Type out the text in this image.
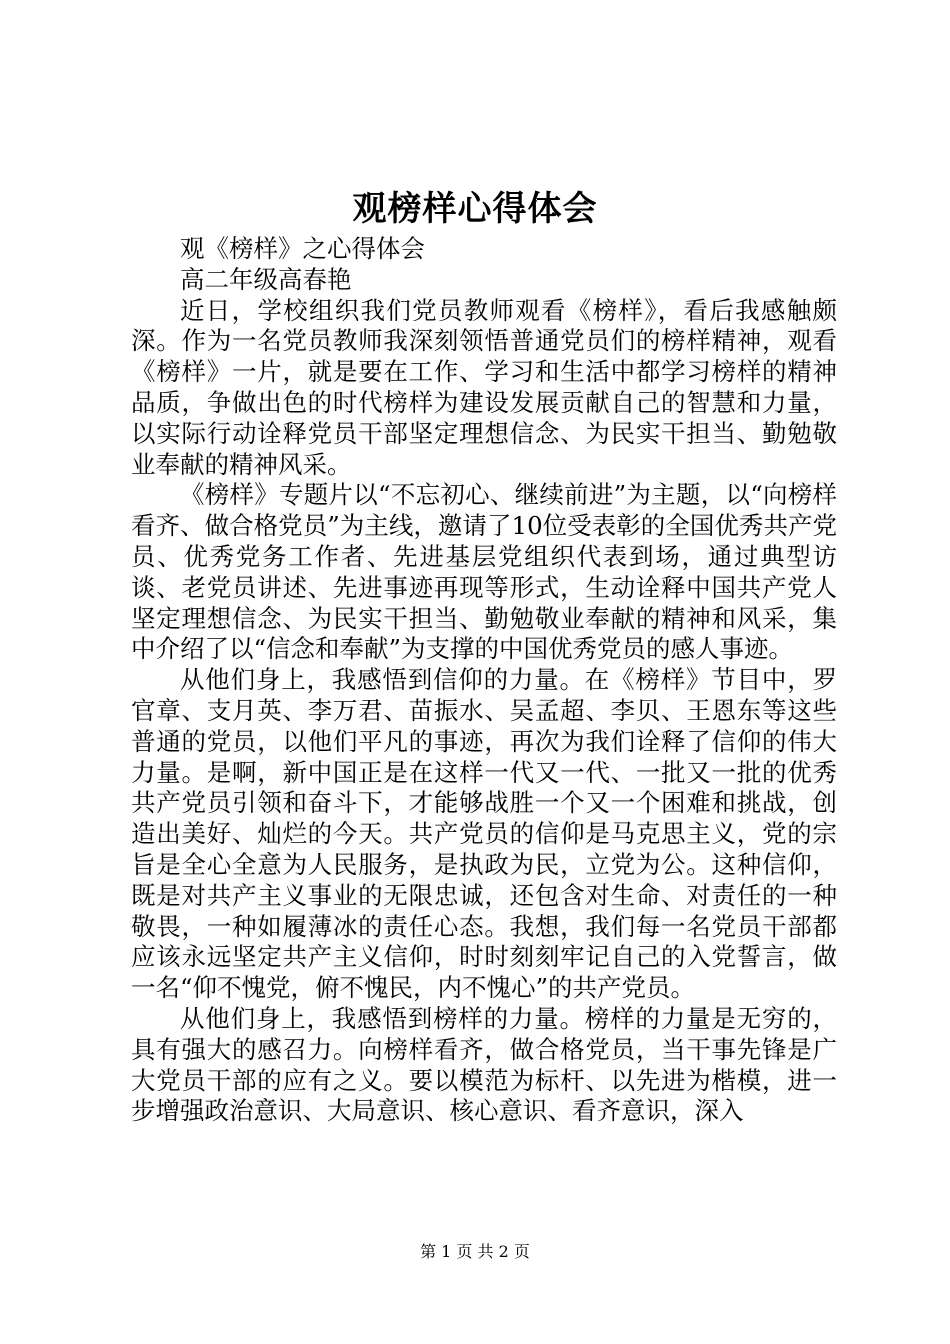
观榜样心得体会

观《榜样》之心得体会

高二年级高春艳

近日，学校组织我们党员教师观看《榜样》，看后我感触颇深。作为一名党员教师我深刻领悟普通党员们的榜样精神，观看《榜样》一片，就是要在工作、学习和生活中都学习榜样的精神品质，争做出色的时代榜样为建设发展贡献自己的智慧和力量，以实际行动诠释党员干部坚定理想信念、为民实干担当、勤勉敬业奉献的精神风采。

《榜样》专题片以“不忘初心、继续前进”为主题，以“向榜样看齐、做合格党员”为主线，邀请了10位受表彰的全国优秀共产党员、优秀党务工作者、先进基层党组织代表到场，通过典型访谈、老党员讲述、先进事迹再现等形式，生动诠释中国共产党人坚定理想信念、为民实干担当、勤勉敬业奉献的精神和风采，集中介绍了以“信念和奉献”为支撑的中国优秀党员的感人事迹。

从他们身上，我感悟到信仰的力量。在《榜样》节目中，罗官章、支月英、李万君、苗振水、吴孟超、李贝、王恩东等这些普通的党员，以他们平凡的事迹，再次为我们诠释了信仰的伟大力量。是啊，新中国正是在这样一代又一代、一批又一批的优秀共产党员引领和奋斗下，才能够战胜一个又一个困难和挑战，创造出美好、灿烂的今天。共产党员的信仰是马克思主义，党的宗旨是全心全意为人民服务，是执政为民，立党为公。这种信仰，既是对共产主义事业的无限忠诚，还包含对生命、对责任的一种敬畏，一种如履薄冰的责任心态。我想，我们每一名党员干部都应该永远坚定共产主义信仰，时时刻刻牢记自己的入党誓言，做一名“仰不愧党，俯不愧民，内不愧心”的共产党员。

从他们身上，我感悟到榜样的力量。榜样的力量是无穷的，具有强大的感召力。向榜样看齐，做合格党员，当干事先锋是广大党员干部的应有之义。要以模范为标杆、以先进为楷模，进一步增强政治意识、大局意识、核心意识、看齐意识，深入

第 1 页 共 2 页
